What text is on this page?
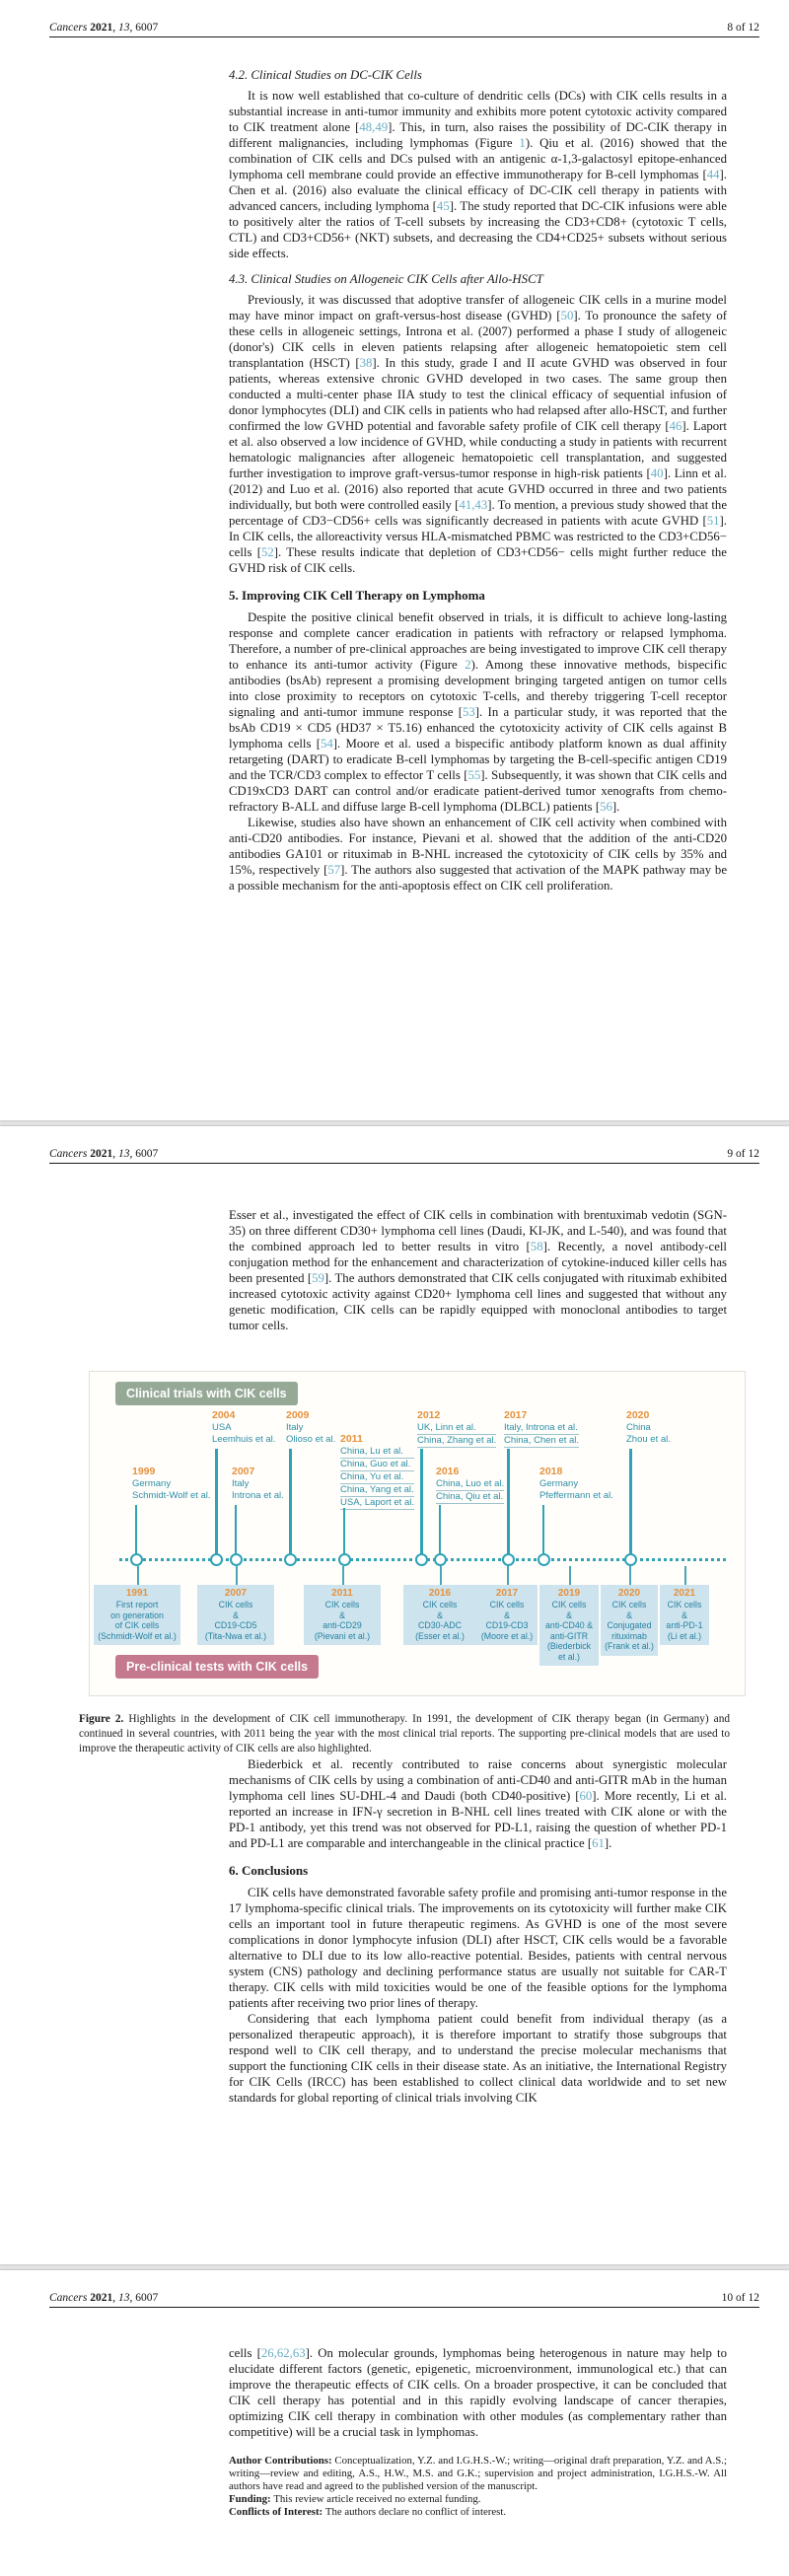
Cancers 2021, 13, 6007	8 of 12
4.2. Clinical Studies on DC-CIK Cells

It is now well established that co-culture of dendritic cells (DCs) with CIK cells results in a substantial increase in anti-tumor immunity and exhibits more potent cytotoxic activity compared to CIK treatment alone [48,49]. This, in turn, also raises the possibility of DC-CIK therapy in different malignancies, including lymphomas (Figure 1). Qiu et al. (2016) showed that the combination of CIK cells and DCs pulsed with an antigenic α-1,3-galactosyl epitope-enhanced lymphoma cell membrane could provide an effective immunotherapy for B-cell lymphomas [44]. Chen et al. (2016) also evaluate the clinical efficacy of DC-CIK cell therapy in patients with advanced cancers, including lymphoma [45]. The study reported that DC-CIK infusions were able to positively alter the ratios of T-cell subsets by increasing the CD3+CD8+ (cytotoxic T cells, CTL) and CD3+CD56+ (NKT) subsets, and decreasing the CD4+CD25+ subsets without serious side effects.

4.3. Clinical Studies on Allogeneic CIK Cells after Allo-HSCT

Previously, it was discussed that adoptive transfer of allogeneic CIK cells in a murine model may have minor impact on graft-versus-host disease (GVHD) [50]. To pronounce the safety of these cells in allogeneic settings, Introna et al. (2007) performed a phase I study of allogeneic (donor's) CIK cells in eleven patients relapsing after allogeneic hematopoietic stem cell transplantation (HSCT) [38]. In this study, grade I and II acute GVHD was observed in four patients, whereas extensive chronic GVHD developed in two cases. The same group then conducted a multi-center phase IIA study to test the clinical efficacy of sequential infusion of donor lymphocytes (DLI) and CIK cells in patients who had relapsed after allo-HSCT, and further confirmed the low GVHD potential and favorable safety profile of CIK cell therapy [46]. Laport et al. also observed a low incidence of GVHD, while conducting a study in patients with recurrent hematologic malignancies after allogeneic hematopoietic cell transplantation, and suggested further investigation to improve graft-versus-tumor response in high-risk patients [40]. Linn et al. (2012) and Luo et al. (2016) also reported that acute GVHD occurred in three and two patients individually, but both were controlled easily [41,43]. To mention, a previous study showed that the percentage of CD3−CD56+ cells was significantly decreased in patients with acute GVHD [51]. In CIK cells, the alloreactivity versus HLA-mismatched PBMC was restricted to the CD3+CD56− cells [52]. These results indicate that depletion of CD3+CD56− cells might further reduce the GVHD risk of CIK cells.

5. Improving CIK Cell Therapy on Lymphoma

Despite the positive clinical benefit observed in trials, it is difficult to achieve long-lasting response and complete cancer eradication in patients with refractory or relapsed lymphoma. Therefore, a number of pre-clinical approaches are being investigated to improve CIK cell therapy to enhance its anti-tumor activity (Figure 2). Among these innovative methods, bispecific antibodies (bsAb) represent a promising development bringing targeted antigen on tumor cells into close proximity to receptors on cytotoxic T-cells, and thereby triggering T-cell receptor signaling and anti-tumor immune response [53]. In a particular study, it was reported that the bsAb CD19 × CD5 (HD37 × T5.16) enhanced the cytotoxicity activity of CIK cells against B lymphoma cells [54]. Moore et al. used a bispecific antibody platform known as dual affinity retargeting (DART) to eradicate B-cell lymphomas by targeting the B-cell-specific antigen CD19 and the TCR/CD3 complex to effector T cells [55]. Subsequently, it was shown that CIK cells and CD19xCD3 DART can control and/or eradicate patient-derived tumor xenografts from chemo-refractory B-ALL and diffuse large B-cell lymphoma (DLBCL) patients [56].

Likewise, studies also have shown an enhancement of CIK cell activity when combined with anti-CD20 antibodies. For instance, Pievani et al. showed that the addition of the anti-CD20 antibodies GA101 or rituximab in B-NHL increased the cytotoxicity of CIK cells by 35% and 15%, respectively [57]. The authors also suggested that activation of the MAPK pathway may be a possible mechanism for the anti-apoptosis effect on CIK cell proliferation.

Cancers 2021, 13, 6007	9 of 12

Esser et al., investigated the effect of CIK cells in combination with brentuximab vedotin (SGN-35) on three different CD30+ lymphoma cell lines (Daudi, KI-JK, and L-540), and was found that the combined approach led to better results in vitro [58]. Recently, a novel antibody-cell conjugation method for the enhancement and characterization of cytokine-induced killer cells has been presented [59]. The authors demonstrated that CIK cells conjugated with rituximab exhibited increased cytotoxic activity against CD20+ lymphoma cell lines and suggested that without any genetic modification, CIK cells can be rapidly equipped with monoclonal antibodies to target tumor cells.

Clinical trials with CIK cells
1999
Germany
Schmidt-Wolf et al.
2004
USA
Leemhuis et al.
2007
Italy
Introna et al.
2009
Italy
Olioso et al. 2011
China, Lu et al.
China, Guo et al.
China, Yu et al.
China, Yang et al.
USA, Laport et al.
2012
UK, Linn et al.
China, Zhang et al.
2016
China, Luo et al.
China, Qiu et al.
2017
Italy, Introna et al.
China, Chen et al.
2018
Germany
Pfeffermann et al.
2020
China
Zhou et al.
1991
First report
on generation
of CIK cells
(Schmidt-Wolf et al.)
2007
CIK cells
&
CD19-CD5
(Tita-Nwa et al.)
2011
CIK cells
&
anti-CD29
(Pievani et al.)
2016
CIK cells
&
CD30-ADC
(Esser et al.)
2017
CIK cells
&
CD19-CD3
(Moore et al.)
2019
CIK cells
&
anti-CD40 &
anti-GITR
(Biederbick
et al.)
2020
CIK cells
&
Conjugated
rituximab
(Frank et al.)
2021
CIK cells
&
anti-PD-1
(Li et al.)
Pre-clinical tests with CIK cells

Figure 2. Highlights in the development of CIK cell immunotherapy. In 1991, the development of CIK therapy began (in Germany) and continued in several countries, with 2011 being the year with the most clinical trial reports. The supporting pre-clinical models that are used to improve the therapeutic activity of CIK cells are also highlighted.

Biederbick et al. recently contributed to raise concerns about synergistic molecular mechanisms of CIK cells by using a combination of anti-CD40 and anti-GITR mAb in the human lymphoma cell lines SU-DHL-4 and Daudi (both CD40-positive) [60]. More recently, Li et al. reported an increase in IFN-γ secretion in B-NHL cell lines treated with CIK alone or with the PD-1 antibody, yet this trend was not observed for PD-L1, raising the question of whether PD-1 and PD-L1 are comparable and interchangeable in the clinical practice [61].

6. Conclusions

CIK cells have demonstrated favorable safety profile and promising anti-tumor response in the 17 lymphoma-specific clinical trials. The improvements on its cytotoxicity will further make CIK cells an important tool in future therapeutic regimens. As GVHD is one of the most severe complications in donor lymphocyte infusion (DLI) after HSCT, CIK cells would be a favorable alternative to DLI due to its low allo-reactive potential. Besides, patients with central nervous system (CNS) pathology and declining performance status are usually not suitable for CAR-T therapy. CIK cells with mild toxicities would be one of the feasible options for the lymphoma patients after receiving two prior lines of therapy.

Considering that each lymphoma patient could benefit from individual therapy (as a personalized therapeutic approach), it is therefore important to stratify those subgroups that respond well to CIK cell therapy, and to understand the precise molecular mechanisms that support the functioning CIK cells in their disease state. As an initiative, the International Registry for CIK Cells (IRCC) has been established to collect clinical data worldwide and to set new standards for global reporting of clinical trials involving CIK

Cancers 2021, 13, 6007	10 of 12

cells [26,62,63]. On molecular grounds, lymphomas being heterogenous in nature may help to elucidate different factors (genetic, epigenetic, microenvironment, immunological etc.) that can improve the therapeutic effects of CIK cells. On a broader prospective, it can be concluded that CIK cell therapy has potential and in this rapidly evolving landscape of cancer therapies, optimizing CIK cell therapy in combination with other modules (as complementary rather than competitive) will be a crucial task in lymphomas.

Author Contributions: Conceptualization, Y.Z. and I.G.H.S.-W.; writing—original draft preparation, Y.Z. and A.S.; writing—review and editing, A.S., H.W., M.S. and G.K.; supervision and project administration, I.G.H.S.-W. All authors have read and agreed to the published version of the manuscript.

Funding: This review article received no external funding.

Conflicts of Interest: The authors declare no conflict of interest.
